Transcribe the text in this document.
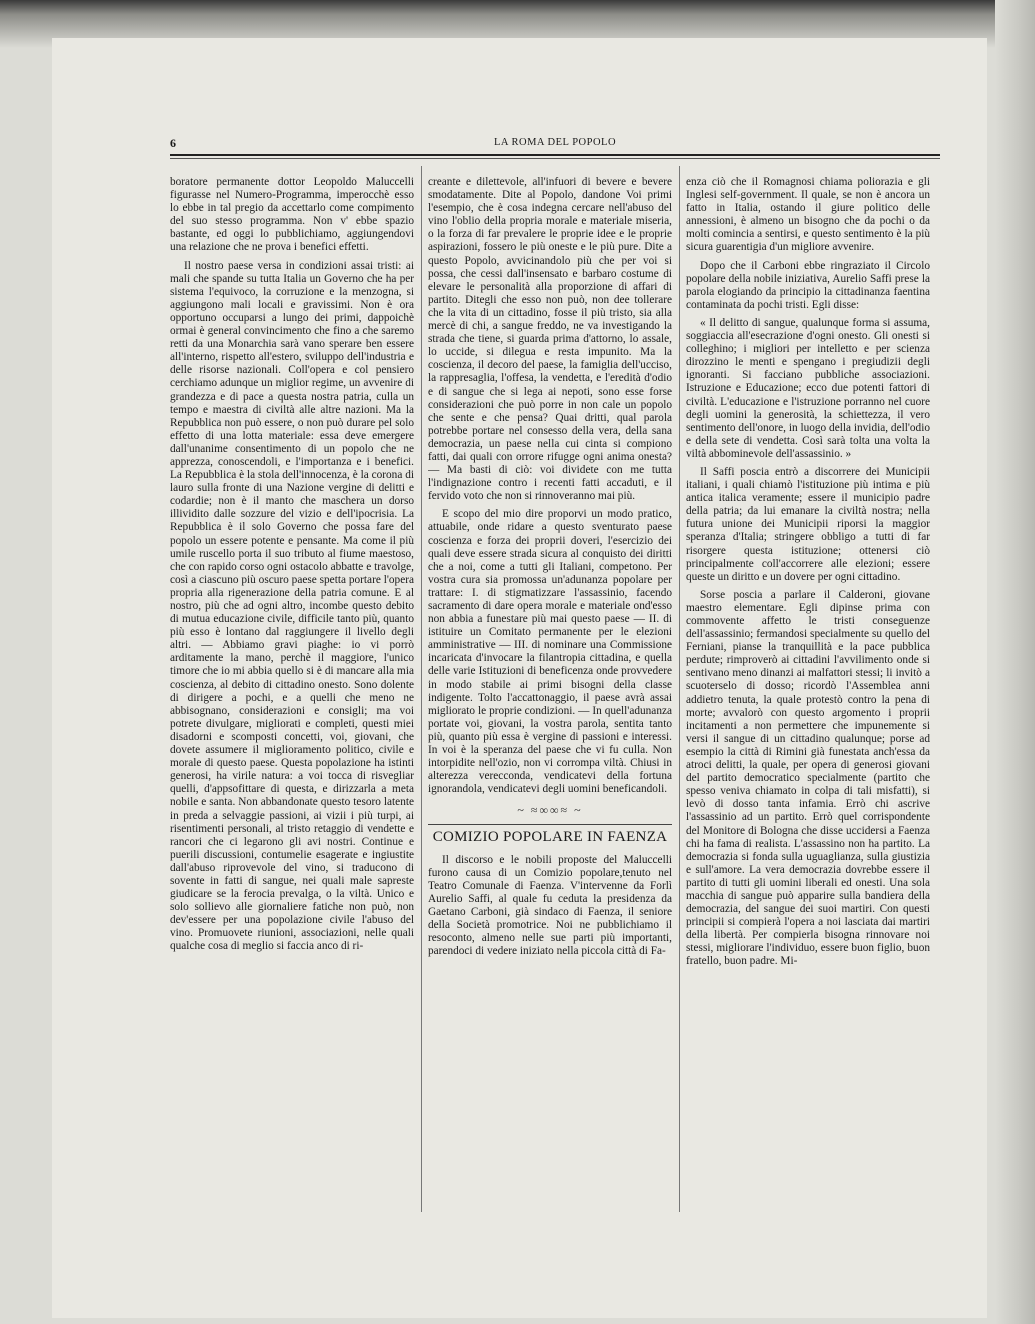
6	LA ROMA DEL POPOLO

boratore permanente dottor Leopoldo Maluccelli figurasse nel Numero-Programma, imperocchè esso lo ebbe in tal pregio da accettarlo come compimento del suo stesso programma. Non v' ebbe spazio bastante, ed oggi lo pubblichiamo, aggiungendovi una relazione che ne prova i benefici effetti.

Il nostro paese versa in condizioni assai tristi: ai mali che spande su tutta Italia un Governo che ha per sistema l'equivoco, la corruzione e la menzogna, si aggiungono mali locali e gravissimi. Non è ora opportuno occuparsi a lungo dei primi, dappoichè ormai è general convincimento che fino a che saremo retti da una Monarchia sarà vano sperare ben essere all'interno, rispetto all'estero, sviluppo dell'industria e delle risorse nazionali. Coll'opera e col pensiero cerchiamo adunque un miglior regime, un avvenire di grandezza e di pace a questa nostra patria, culla un tempo e maestra di civiltà alle altre nazioni. Ma la Repubblica non può essere, o non può durare pel solo effetto di una lotta materiale: essa deve emergere dall'unanime consentimento di un popolo che ne apprezza, conoscendoli, e l'importanza e i benefici. La Repubblica è la stola dell'innocenza, è la corona di lauro sulla fronte di una Nazione vergine di delitti e codardie; non è il manto che maschera un dorso illividito dalle sozzure del vizio e dell'ipocrisia. La Repubblica è il solo Governo che possa fare del popolo un essere potente e pensante. Ma come il più umile ruscello porta il suo tributo al fiume maestoso, che con rapido corso ogni ostacolo abbatte e travolge, così a ciascuno più oscuro paese spetta portare l'opera propria alla rigenerazione della patria comune. E al nostro, più che ad ogni altro, incombe questo debito di mutua educazione civile, difficile tanto più, quanto più esso è lontano dal raggiungere il livello degli altri. — Abbiamo gravi piaghe: io vi porrò arditamente la mano, perchè il maggiore, l'unico timore che io mi abbia quello si è di mancare alla mia coscienza, al debito di cittadino onesto. Sono dolente di dirigere a pochi, e a quelli che meno ne abbisognano, considerazioni e consigli; ma voi potrete divulgare, migliorati e completi, questi miei disadorni e scomposti concetti, voi, giovani, che dovete assumere il miglioramento politico, civile e morale di questo paese. Questa popolazione ha istinti generosi, ha virile natura: a voi tocca di risvegliar quelli, d'appsofittare di questa, e dirizzarla a meta nobile e santa. Non abbandonate questo tesoro latente in preda a selvaggie passioni, ai vizii i più turpi, ai risentimenti personali, al tristo retaggio di vendette e rancori che ci legarono gli avi nostri. Continue e puerili discussioni, contumelie esagerate e ingiustite dall'abuso riprovevole del vino, si traducono di sovente in fatti di sangue, nei quali male sapreste giudicare se la ferocia prevalga, o la viltà. Unico e solo sollievo alle giornaliere fatiche non può, non dev'essere per una popolazione civile l'abuso del vino. Promuovete riunioni, associazioni, nelle quali qualche cosa di meglio si faccia anco di ri-

creante e dilettevole, all'infuori di bevere e bevere smodatamente. Dite al Popolo, dandone Voi primi l'esempio, che è cosa indegna cercare nell'abuso del vino l'oblio della propria morale e materiale miseria, o la forza di far prevalere le proprie idee e le proprie aspirazioni, fossero le più oneste e le più pure. Dite a questo Popolo, avvicinandolo più che per voi si possa, che cessi dall'insensato e barbaro costume di elevare le personalità alla proporzione di affari di partito. Ditegli che esso non può, non dee tollerare che la vita di un cittadino, fosse il più tristo, sia alla mercè di chi, a sangue freddo, ne va investigando la strada che tiene, si guarda prima d'attorno, lo assale, lo uccide, si dilegua e resta impunito. Ma la coscienza, il decoro del paese, la famiglia dell'ucciso, la rappresaglia, l'offesa, la vendetta, e l'eredità d'odio e di sangue che si lega ai nepoti, sono esse forse considerazioni che può porre in non cale un popolo che sente e che pensa? Quai dritti, qual parola potrebbe portare nel consesso della vera, della sana democrazia, un paese nella cui cinta si compiono fatti, dai quali con orrore rifugge ogni anima onesta? — Ma basti di ciò: voi dividete con me tutta l'indignazione contro i recenti fatti accaduti, e il fervido voto che non si rinnoveranno mai più.

E scopo del mio dire proporvi un modo pratico, attuabile, onde ridare a questo sventurato paese coscienza e forza dei proprii doveri, l'esercizio dei quali deve essere strada sicura al conquisto dei diritti che a noi, come a tutti gli Italiani, competono. Per vostra cura sia promossa un'adunanza popolare per trattare: I. di stigmatizzare l'assassinio, facendo sacramento di dare opera morale e materiale ond'esso non abbia a funestare più mai questo paese — II. di istituire un Comitato permanente per le elezioni amministrative — III. di nominare una Commissione incaricata d'invocare la filantropia cittadina, e quella delle varie Istituzioni di beneficenza onde provvedere in modo stabile ai primi bisogni della classe indigente. Tolto l'accattonaggio, il paese avrà assai migliorato le proprie condizioni. — In quell'adunanza portate voi, giovani, la vostra parola, sentita tanto più, quanto più essa è vergine di passioni e interessi. In voi è la speranza del paese che vi fu culla. Non intorpidite nell'ozio, non vi corrompa viltà. Chiusi in alterezza verecconda, vendicatevi della fortuna ignorandola, vendicatevi degli uomini beneficandoli.

~ ≈∞∞≈ ~
COMIZIO POPOLARE IN FAENZA

Il discorso e le nobili proposte del Maluccelli furono causa di un Comizio popolare,tenuto nel Teatro Comunale di Faenza. V'intervenne da Forlì Aurelio Saffi, al quale fu ceduta la presidenza da Gaetano Carboni, già sindaco di Faenza, il seniore della Società promotrice. Noi ne pubblichiamo il resoconto, almeno nelle sue parti più importanti, parendoci di vedere iniziato nella piccola città di Fa-

enza ciò che il Romagnosi chiama poliorazia e gli Inglesi self-government. Il quale, se non è ancora un fatto in Italia, ostando il giure politico delle annessioni, è almeno un bisogno che da pochi o da molti comincia a sentirsi, e questo sentimento è la più sicura guarentigia d'un migliore avvenire.

Dopo che il Carboni ebbe ringraziato il Circolo popolare della nobile iniziativa, Aurelio Saffi prese la parola elogiando da principio la cittadinanza faentina contaminata da pochi tristi. Egli disse:

« Il delitto di sangue, qualunque forma si assuma, soggiaccia all'esecrazione d'ogni onesto. Gli onesti si colleghino; i migliori per intelletto e per scienza dirozzino le menti e spengano i pregiudizii degli ignoranti. Si facciano pubbliche associazioni. Istruzione e Educazione; ecco due potenti fattori di civiltà. L'educazione e l'istruzione porranno nel cuore degli uomini la generosità, la schiettezza, il vero sentimento dell'onore, in luogo della invidia, dell'odio e della sete di vendetta. Così sarà tolta una volta la viltà abbominevole dell'assassinio. »

Il Saffi poscia entrò a discorrere dei Municipii italiani, i quali chiamò l'istituzione più intima e più antica italica veramente; essere il municipio padre della patria; da lui emanare la civiltà nostra; nella futura unione dei Municipii riporsi la maggior speranza d'Italia; stringere obbligo a tutti di far risorgere questa istituzione; ottenersi ciò principalmente coll'accorrere alle elezioni; essere queste un diritto e un dovere per ogni cittadino.

Sorse poscia a parlare il Calderoni, giovane maestro elementare. Egli dipinse prima con commovente affetto le tristi conseguenze dell'assassinio; fermandosi specialmente su quello del Ferniani, pianse la tranquillità e la pace pubblica perdute; rimproverò ai cittadini l'avvilimento onde si sentivano meno dinanzi ai malfattori stessi; li invitò a scuoterselo di dosso; ricordò l'Assemblea anni addietro tenuta, la quale protestò contro la pena di morte; avvalorò con questo argomento i proprii incitamenti a non permettere che impunemente si versi il sangue di un cittadino qualunque; porse ad esempio la città di Rimini già funestata anch'essa da atroci delitti, la quale, per opera di generosi giovani del partito democratico specialmente (partito che spesso veniva chiamato in colpa di tali misfatti), si levò di dosso tanta infamia. Errò chi ascrive l'assassinio ad un partito. Errò quel corrispondente del Monitore di Bologna che disse uccidersi a Faenza chi ha fama di realista. L'assassino non ha partito. La democrazia si fonda sulla uguaglianza, sulla giustizia e sull'amore. La vera democrazia dovrebbe essere il partito di tutti gli uomini liberali ed onesti. Una sola macchia di sangue può apparire sulla bandiera della democrazia, del sangue dei suoi martiri. Con questi principii si compierà l'opera a noi lasciata dai martiri della libertà. Per compierla bisogna rinnovare noi stessi, migliorare l'individuo, essere buon figlio, buon fratello, buon padre. Mi-
